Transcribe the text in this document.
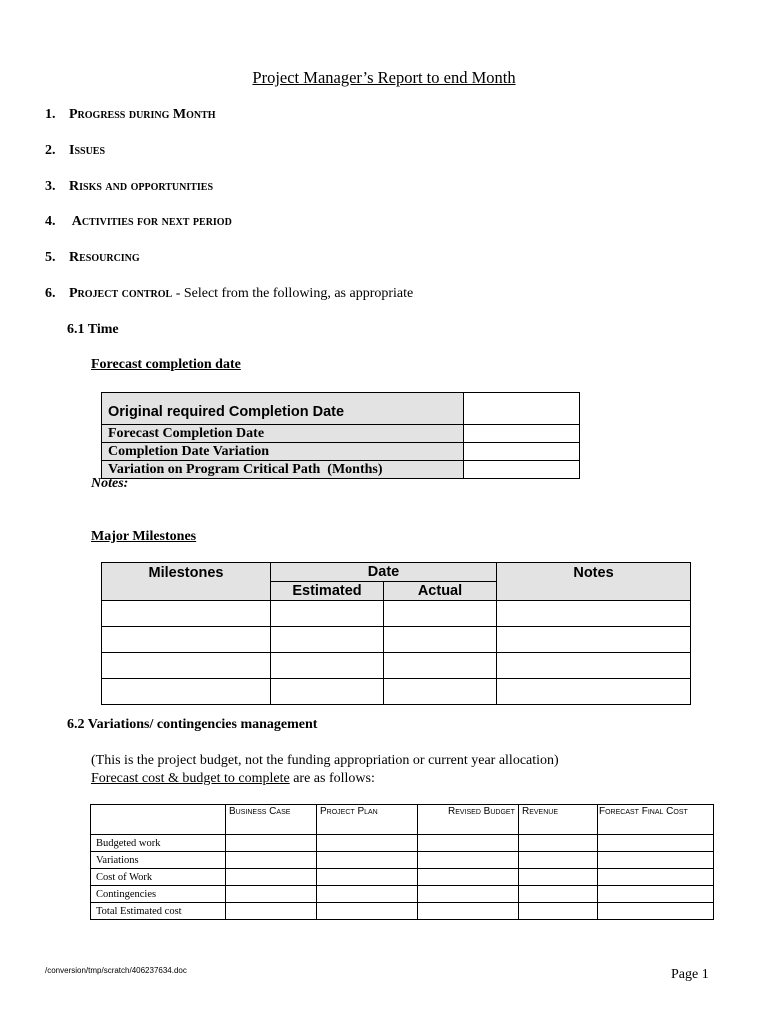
Project Manager’s Report to end Month
1. Progress during Month
2. Issues
3. Risks and opportunities
4. Activities for next period
5. Resourcing
6. Project control - Select from the following, as appropriate
6.1 Time
Forecast completion date
Original required Completion Date	
Forecast Completion Date	
Completion Date Variation	
Variation on Program Critical Path  (Months)	
Notes:
Major Milestones
Milestones	Date		Notes
	Estimated	Actual	

6.2 Variations/ contingencies management
(This is the project budget, not the funding appropriation or current year allocation)
Forecast cost & budget to complete are as follows:
	Business Case	Project Plan	Revised Budget	Revenue	Forecast Final Cost
Budgeted work					
Variations					
Cost of Work					
Contingencies					
Total Estimated cost					
/conversion/tmp/scratch/406237634.doc	Page 1
